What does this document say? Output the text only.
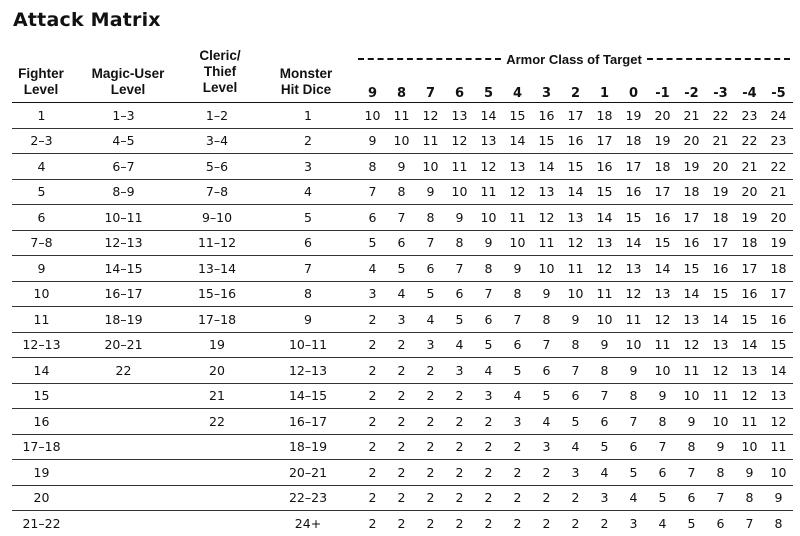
Attack Matrix
Armor Class of Target
Fighter
Level
Magic-User
Level
Cleric/
Thief
Level
Monster
Hit Dice
					9	8	7	6	5	4	3	2	1	0	-1	-2	-3	-4	-5
1	1–3	1–2	1	10	11	12	13	14	15	16	17	18	19	20	21	22	23	24
2–3	4–5	3–4	2	9	10	11	12	13	14	15	16	17	18	19	20	21	22	23
4	6–7	5–6	3	8	9	10	11	12	13	14	15	16	17	18	19	20	21	22
5	8–9	7–8	4	7	8	9	10	11	12	13	14	15	16	17	18	19	20	21
6	10–11	9–10	5	6	7	8	9	10	11	12	13	14	15	16	17	18	19	20
7–8	12–13	11–12	6	5	6	7	8	9	10	11	12	13	14	15	16	17	18	19
9	14–15	13–14	7	4	5	6	7	8	9	10	11	12	13	14	15	16	17	18
10	16–17	15–16	8	3	4	5	6	7	8	9	10	11	12	13	14	15	16	17
11	18–19	17–18	9	2	3	4	5	6	7	8	9	10	11	12	13	14	15	16
12–13	20–21	19	10–11	2	2	3	4	5	6	7	8	9	10	11	12	13	14	15
14	22	20	12–13	2	2	2	3	4	5	6	7	8	9	10	11	12	13	14
15		21	14–15	2	2	2	2	3	4	5	6	7	8	9	10	11	12	13
16		22	16–17	2	2	2	2	2	3	4	5	6	7	8	9	10	11	12
17–18			18–19	2	2	2	2	2	2	3	4	5	6	7	8	9	10	11
19			20–21	2	2	2	2	2	2	2	3	4	5	6	7	8	9	10
20			22–23	2	2	2	2	2	2	2	2	3	4	5	6	7	8	9
21–22			24+	2	2	2	2	2	2	2	2	2	3	4	5	6	7	8
